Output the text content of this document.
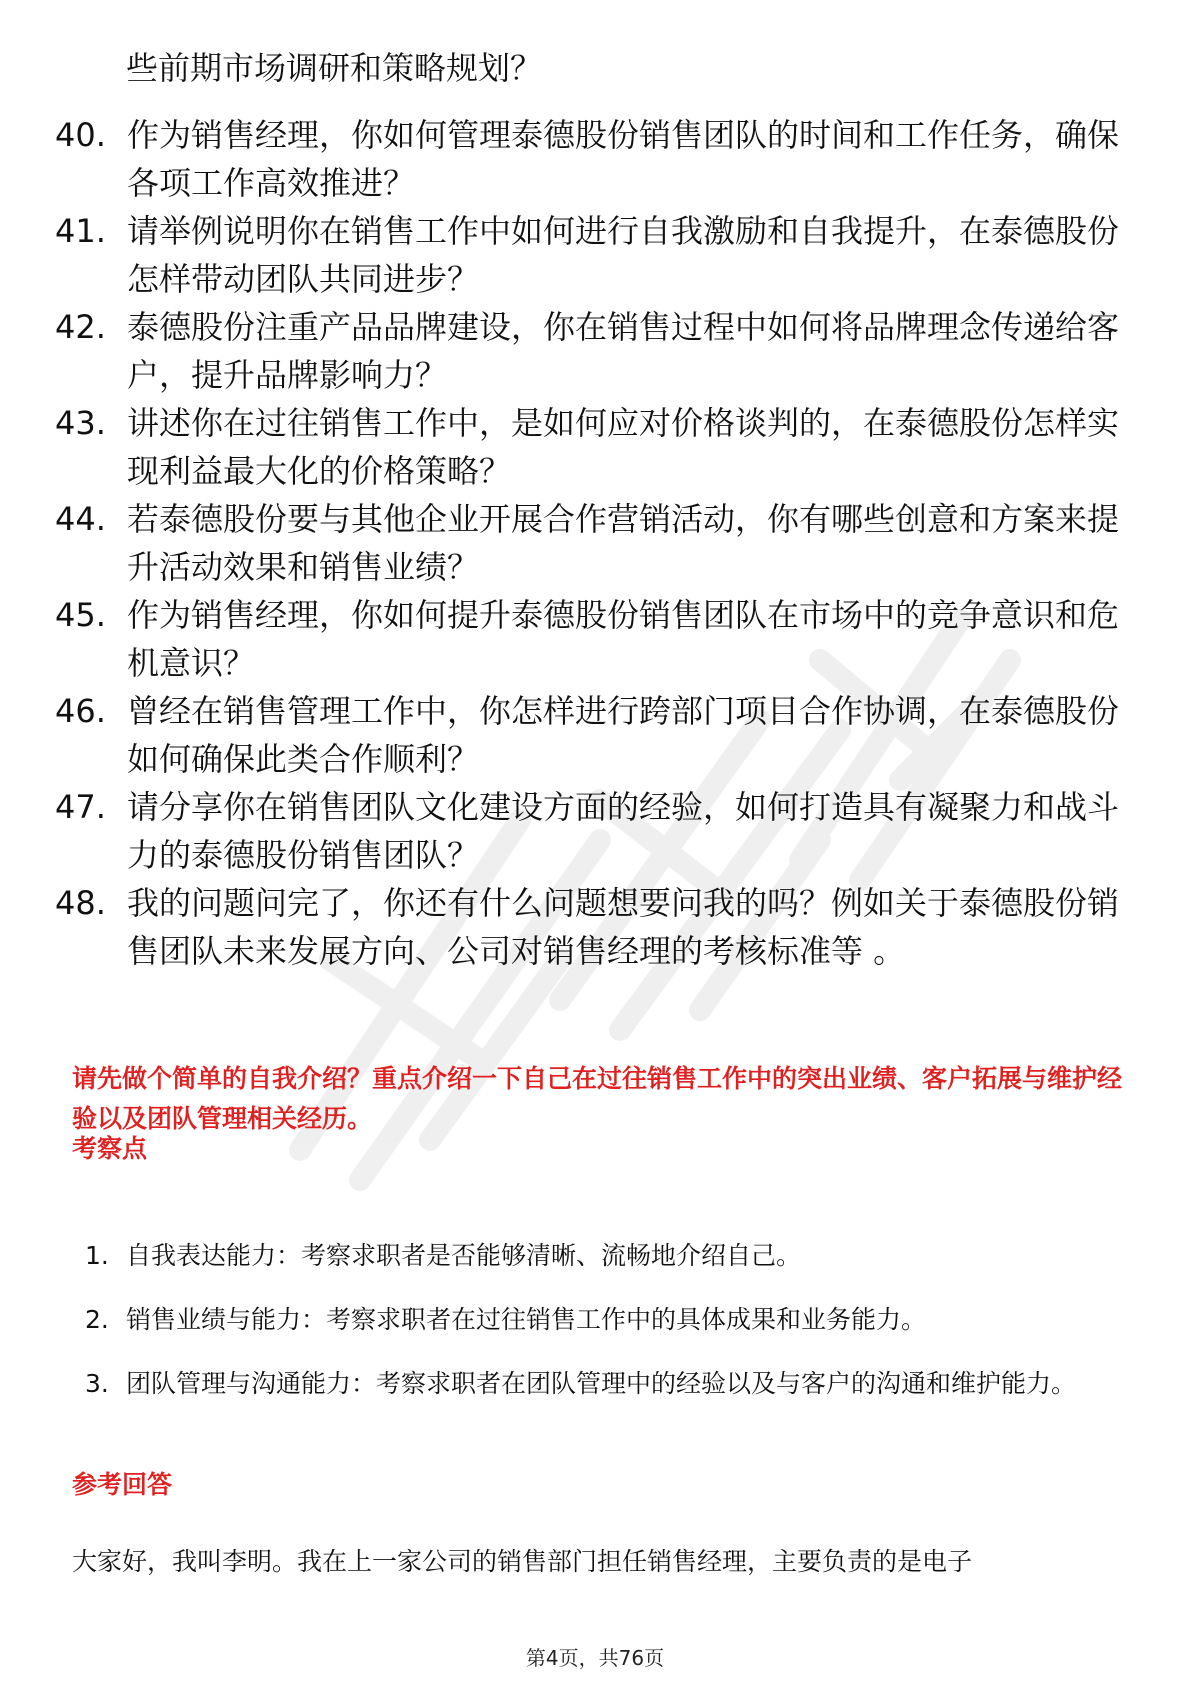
些前期市场调研和策略规划？
40. 作为销售经理，你如何管理泰德股份销售团队的时间和工作任务，确保各项工作高效推进？
41. 请举例说明你在销售工作中如何进行自我激励和自我提升，在泰德股份怎样带动团队共同进步？
42. 泰德股份注重产品品牌建设，你在销售过程中如何将品牌理念传递给客户，提升品牌影响力？
43. 讲述你在过往销售工作中，是如何应对价格谈判的，在泰德股份怎样实现利益最大化的价格策略？
44. 若泰德股份要与其他企业开展合作营销活动，你有哪些创意和方案来提升活动效果和销售业绩？
45. 作为销售经理，你如何提升泰德股份销售团队在市场中的竞争意识和危机意识？
46. 曾经在销售管理工作中，你怎样进行跨部门项目合作协调，在泰德股份如何确保此类合作顺利？
47. 请分享你在销售团队文化建设方面的经验，如何打造具有凝聚力和战斗力的泰德股份销售团队？
48. 我的问题问完了，你还有什么问题想要问我的吗？例如关于泰德股份销售团队未来发展方向、公司对销售经理的考核标准等 。
请先做个简单的自我介绍？重点介绍一下自己在过往销售工作中的突出业绩、客户拓展与维护经验以及团队管理相关经历。
考察点
1. 自我表达能力：考察求职者是否能够清晰、流畅地介绍自己。
2. 销售业绩与能力：考察求职者在过往销售工作中的具体成果和业务能力。
3. 团队管理与沟通能力：考察求职者在团队管理中的经验以及与客户的沟通和维护能力。
参考回答
大家好，我叫李明。我在上一家公司的销售部门担任销售经理，主要负责的是电子
第4页，共76页
